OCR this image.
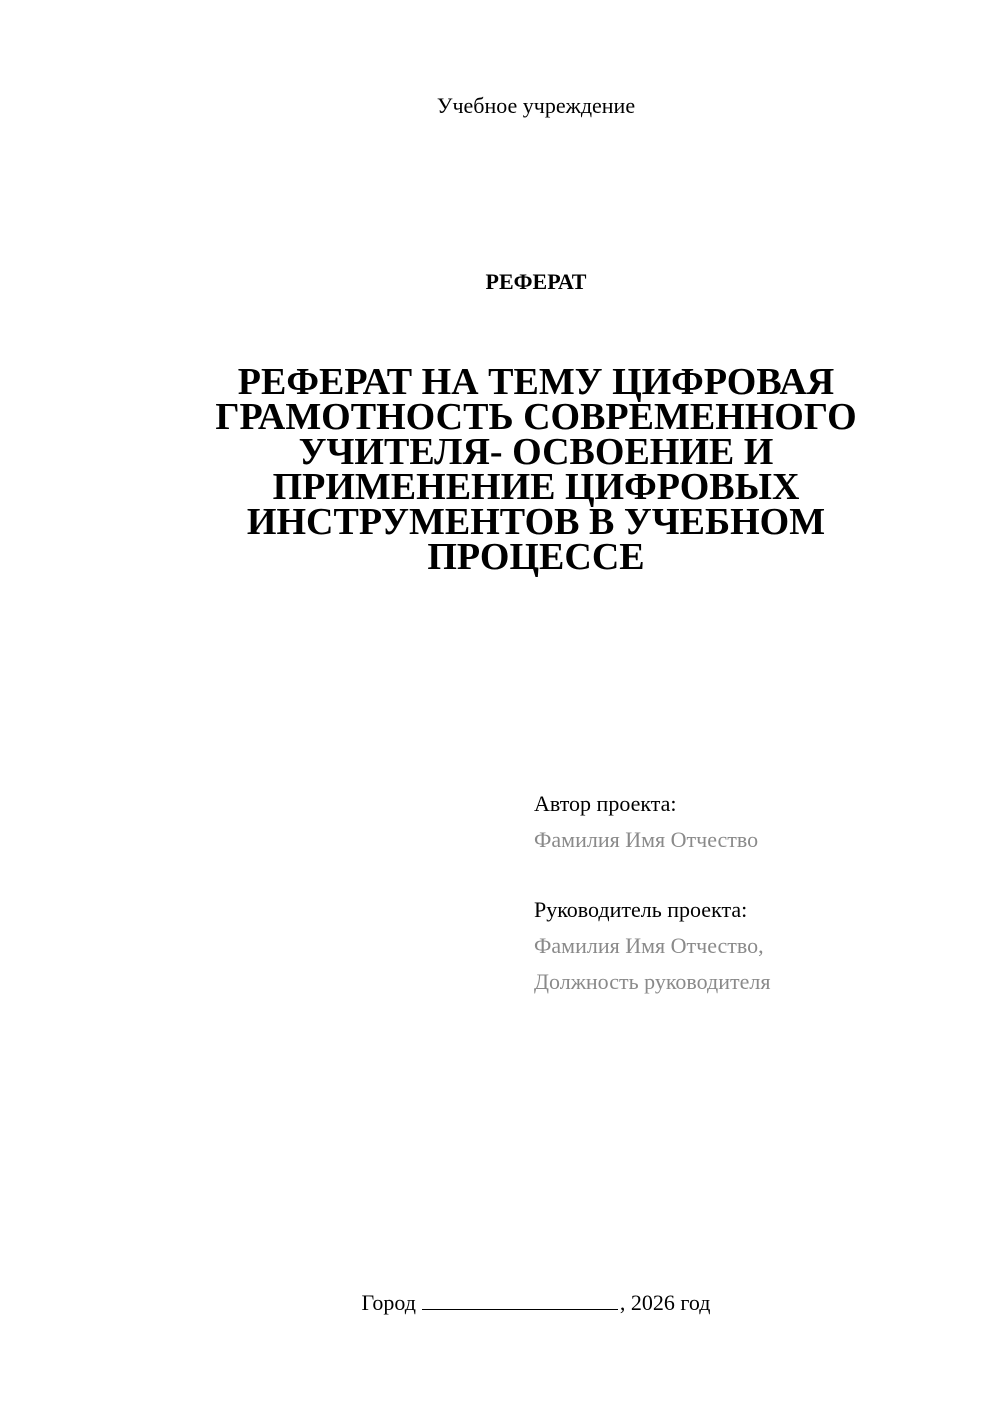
Учебное учреждение
РЕФЕРАТ
РЕФЕРАТ НА ТЕМУ ЦИФРОВАЯ
ГРАМОТНОСТЬ СОВРЕМЕННОГО
УЧИТЕЛЯ- ОСВОЕНИЕ И
ПРИМЕНЕНИЕ ЦИФРОВЫХ
ИНСТРУМЕНТОВ В УЧЕБНОМ
ПРОЦЕССЕ
Автор проекта:
Фамилия Имя Отчество
Руководитель проекта:
Фамилия Имя Отчество,
Должность руководителя
Город	, 2026 год
